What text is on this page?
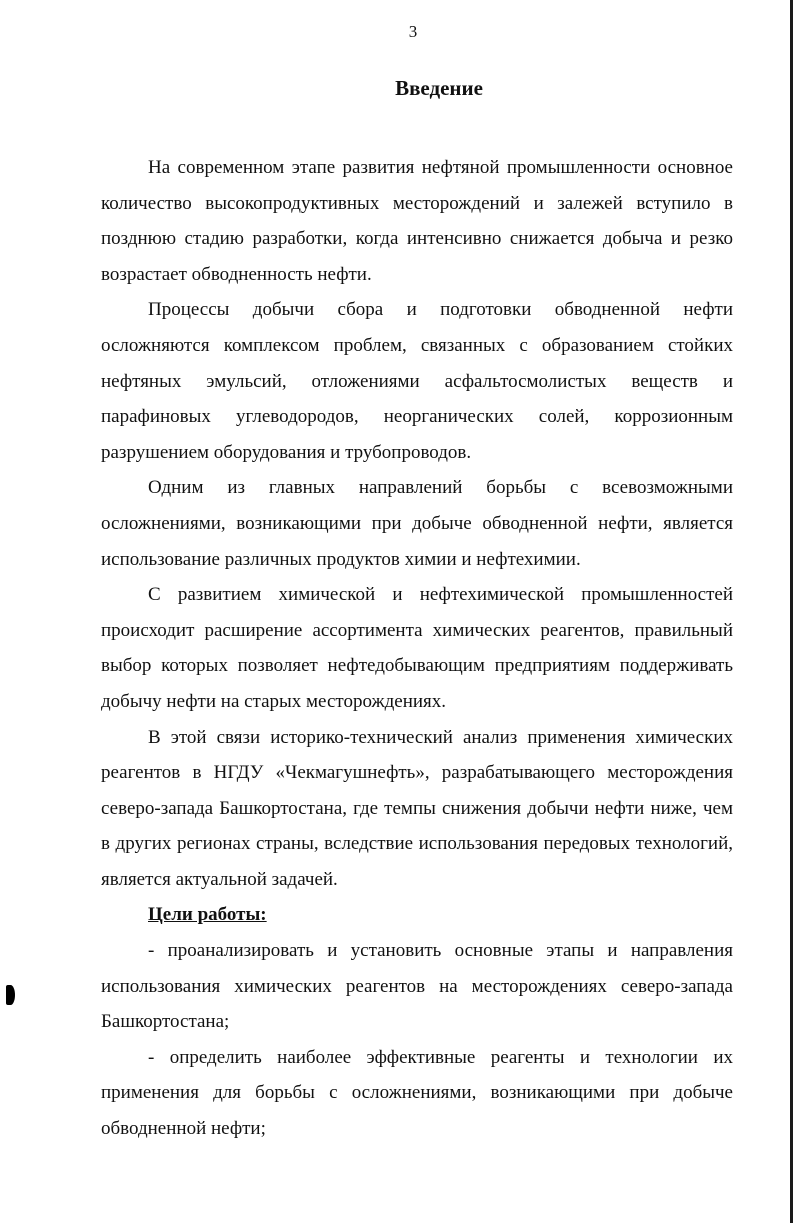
3
Введение

На современном этапе развития нефтяной промышленности основное количество высокопродуктивных месторождений и залежей вступило в позднюю стадию разработки, когда интенсивно снижается добыча и резко возрастает обводненность нефти.

Процессы добычи сбора и подготовки обводненной нефти осложняются комплексом проблем, связанных с образованием стойких нефтяных эмульсий, отложениями асфальтосмолистых веществ и парафиновых углеводородов, неорганических солей, коррозионным разрушением оборудования и трубопроводов.

Одним из главных направлений борьбы с всевозможными осложнениями, возникающими при добыче обводненной нефти, является использование различных продуктов химии и нефтехимии.

С развитием химической и нефтехимической промышленностей происходит расширение ассортимента химических реагентов, правильный выбор которых позволяет нефтедобывающим предприятиям поддерживать добычу нефти на старых месторождениях.

В этой связи историко-технический анализ применения химических реагентов в НГДУ «Чекмагушнефть», разрабатывающего месторождения северо-запада Башкортостана, где темпы снижения добычи нефти ниже, чем в других регионах страны, вследствие использования передовых технологий, является актуальной задачей.

Цели работы:

- проанализировать и установить основные этапы и направления использования химических реагентов на месторождениях северо-запада Башкортостана;

- определить наиболее эффективные реагенты и технологии их применения для борьбы с осложнениями, возникающими при добыче обводненной нефти;
